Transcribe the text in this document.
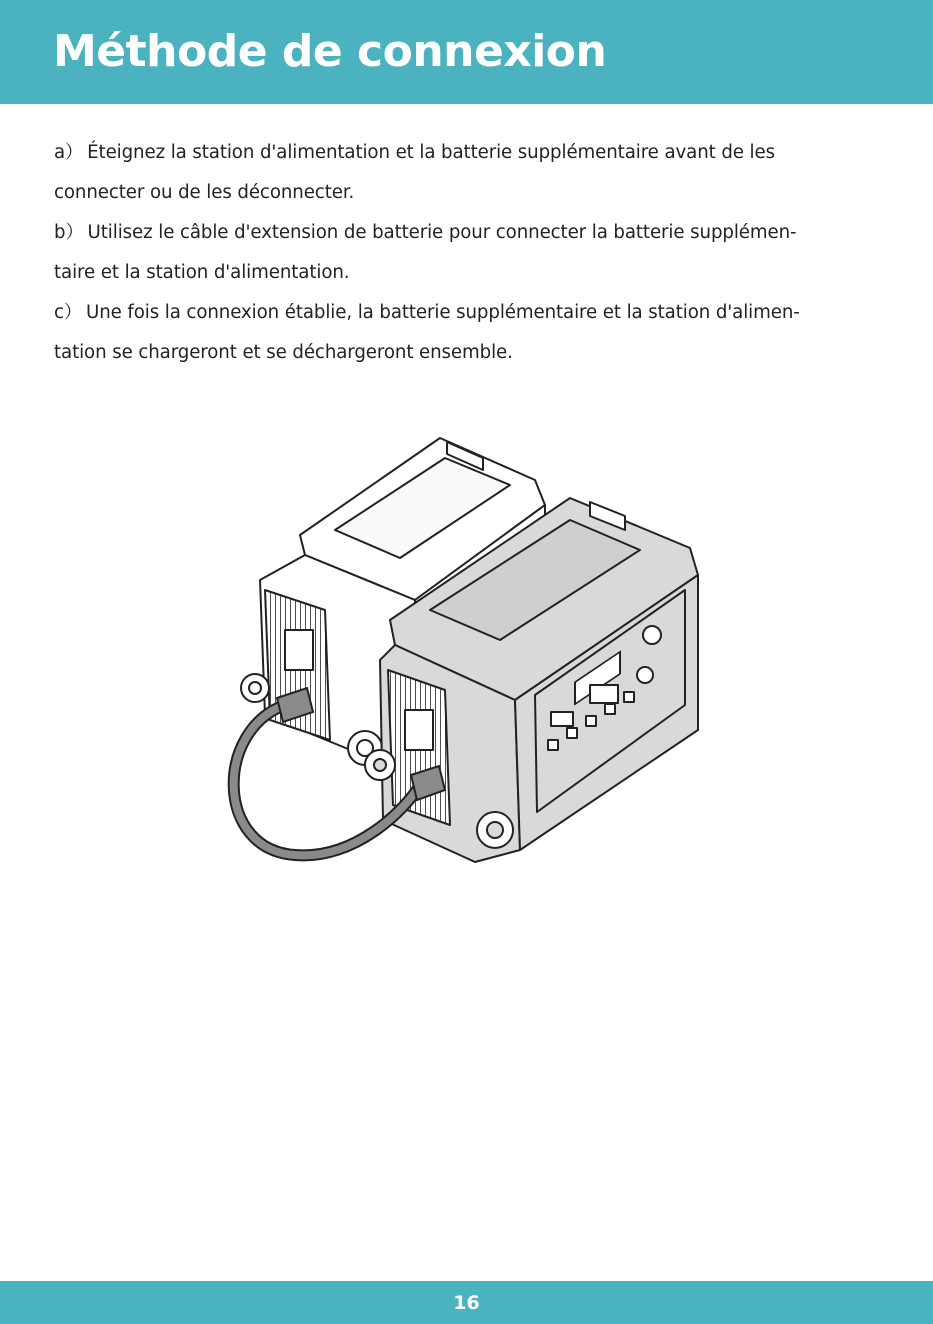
Méthode de connexion
a） Éteignez la station d'alimentation et la batterie supplémentaire avant de les
connecter ou de les déconnecter.
b） Utilisez le câble d'extension de batterie pour connecter la batterie supplémen-
taire et la station d'alimentation.
c） Une fois la connexion établie, la batterie supplémentaire et la station d'alimen-
tation se chargeront et se déchargeront ensemble.
16
